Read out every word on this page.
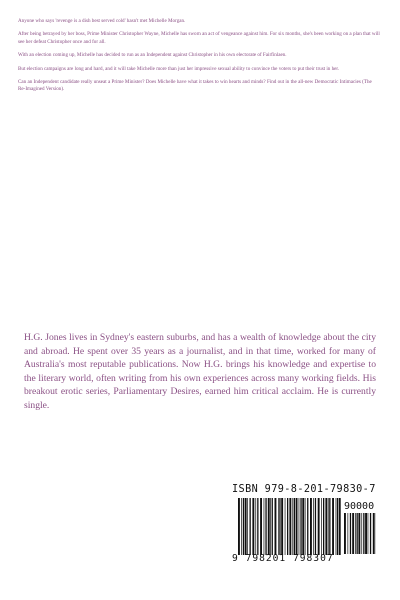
Anyone who says 'revenge is a dish best served cold' hasn't met Michelle Morgan.

After being betrayed by her boss, Prime Minister Christopher Wayne, Michelle has sworn an act of vengeance against him. For six months, she's been working on a plan that will see her defeat Christopher once and for all.

With an election coming up, Michelle has decided to run as an Independent against Christopher in his own electorate of Fairfinlaen.

But election campaigns are long and hard, and it will take Michelle more than just her impressive sexual ability to convince the voters to put their trust in her.

Can an Independent candidate really unseat a Prime Minister? Does Michelle have what it takes to win hearts and minds? Find out in the all-new Democratic Intimacies (The Re-Imagined Version).

H.G. Jones lives in Sydney's eastern suburbs, and has a wealth of knowledge about the city and abroad. He spent over 35 years as a journalist, and in that time, worked for many of Australia's most reputable publications. Now H.G. brings his knowledge and expertise to the literary world, often writing from his own experiences across many working fields. His breakout erotic series, Parliamentary Desires, earned him critical acclaim. He is currently single.
ISBN 979-8-201-79830-7
90000
9 798201 798307
